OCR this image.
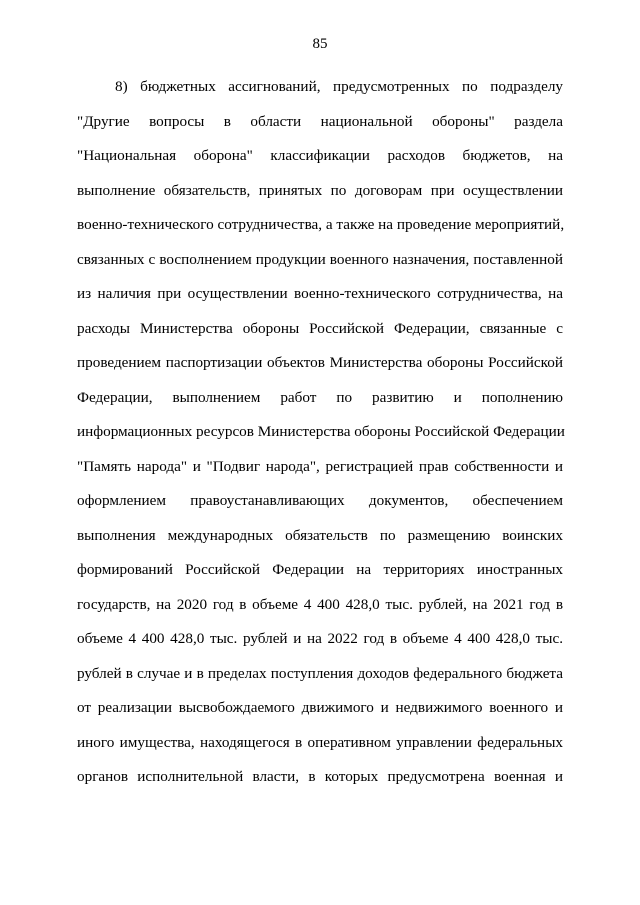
85
8) бюджетных ассигнований, предусмотренных по подразделу
"Другие вопросы в области национальной обороны" раздела
"Национальная оборона" классификации расходов бюджетов, на
выполнение обязательств, принятых по договорам при осуществлении
военно-технического сотрудничества, а также на проведение мероприятий,
связанных с восполнением продукции военного назначения, поставленной
из наличия при осуществлении военно-технического сотрудничества, на
расходы Министерства обороны Российской Федерации, связанные с
проведением паспортизации объектов Министерства обороны Российской
Федерации, выполнением работ по развитию и пополнению
информационных ресурсов Министерства обороны Российской Федерации
"Память народа" и "Подвиг народа", регистрацией прав собственности и
оформлением правоустанавливающих документов, обеспечением
выполнения международных обязательств по размещению воинских
формирований Российской Федерации на территориях иностранных
государств, на 2020 год в объеме 4 400 428,0 тыс. рублей, на 2021 год в
объеме 4 400 428,0 тыс. рублей и на 2022 год в объеме 4 400 428,0 тыс.
рублей в случае и в пределах поступления доходов федерального бюджета
от реализации высвобождаемого движимого и недвижимого военного и
иного имущества, находящегося в оперативном управлении федеральных
органов исполнительной власти, в которых предусмотрена военная и
